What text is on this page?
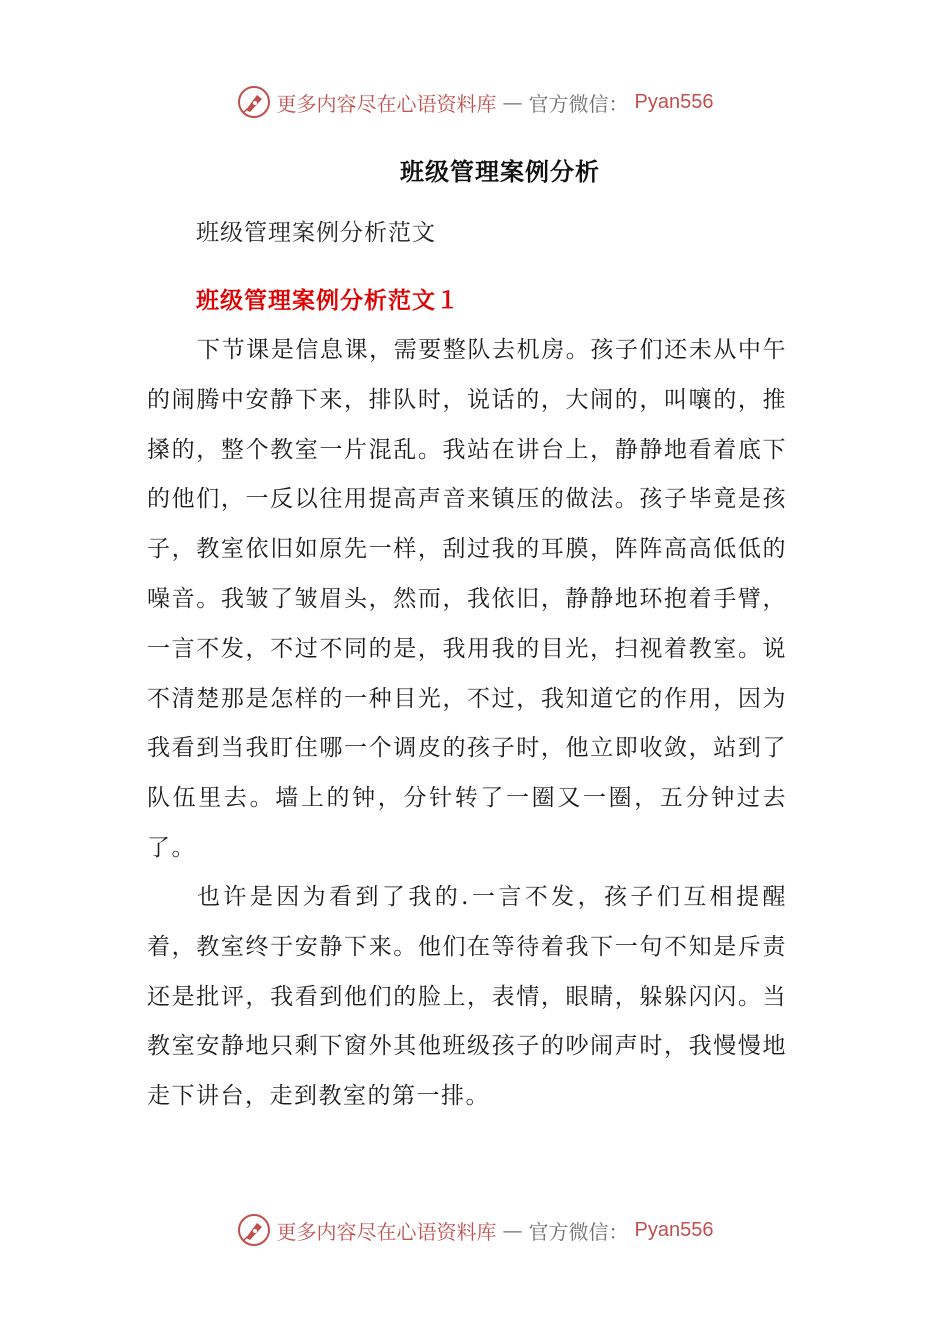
更多内容尽在心语资料库 — 官方微信： Pyan556
班级管理案例分析
班级管理案例分析范文
班级管理案例分析范文１

下节课是信息课，需要整队去机房。孩子们还未从中午的闹腾中安静下来，排队时，说话的，大闹的，叫嚷的，推搡的，整个教室一片混乱。我站在讲台上，静静地看着底下的他们，一反以往用提高声音来镇压的做法。孩子毕竟是孩子，教室依旧如原先一样，刮过我的耳膜，阵阵高高低低的噪音。我皱了皱眉头，然而，我依旧，静静地环抱着手臂，一言不发，不过不同的是，我用我的目光，扫视着教室。说不清楚那是怎样的一种目光，不过，我知道它的作用，因为我看到当我盯住哪一个调皮的孩子时，他立即收敛，站到了队伍里去。墙上的钟，分针转了一圈又一圈，五分钟过去了。

也许是因为看到了我的.一言不发，孩子们互相提醒着，教室终于安静下来。他们在等待着我下一句不知是斥责还是批评，我看到他们的脸上，表情，眼睛，躲躲闪闪。当教室安静地只剩下窗外其他班级孩子的吵闹声时，我慢慢地走下讲台，走到教室的第一排。

更多内容尽在心语资料库 — 官方微信： Pyan556
